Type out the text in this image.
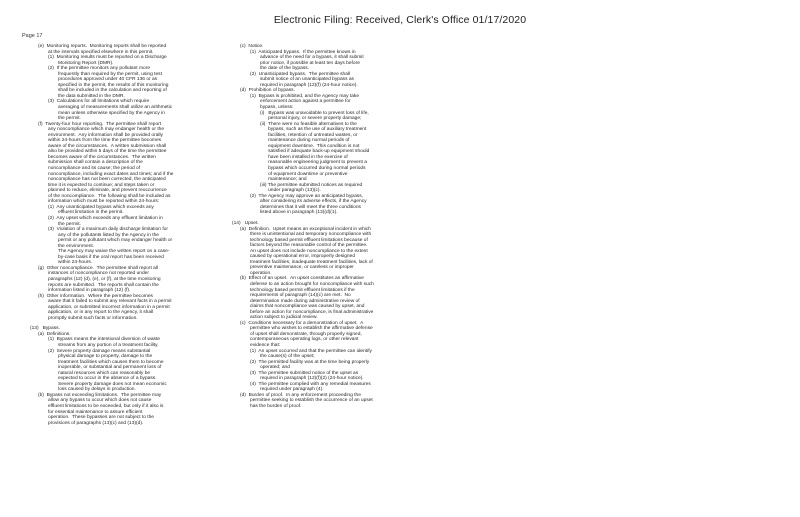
Electronic Filing: Received, Clerk's Office 01/17/2020
Page 17
(e)  Monitoring reports.  Monitoring reports shall be reported
at the intervals specified elsewhere in this permit.
(1)  Monitoring results must be reported on a Discharge
Monitoring Report (DMR).
(2)  If the permittee monitors any pollutant more
frequently than required by the permit, using test
procedures approved under 40 CFR 136 or as
specified in the permit, the results of this monitoring
shall be included in the calculation and reporting of
the data submitted in the DMR.
(3)  Calculations for all limitations which require
averaging of measurements shall utilize an arithmetic
mean unless otherwise specified by the Agency in
the permit.
(f)  Twenty-four hour reporting.  The permittee shall report
any noncompliance which may endanger health or the
environment.  Any information shall be provided orally
within 24-hours from the time the permittee becomes
aware of the circumstances.  A written submission shall
also be provided within 5 days of the time the permittee
becomes aware of the circumstances.  The written
submission shall contain a description of the
noncompliance and its cause; the period of
noncompliance, including exact dates and times; and if the
noncompliance has not been corrected, the anticipated
time it is expected to continue; and steps taken or
planned to reduce, eliminate, and prevent reoccurrence
of the noncompliance.  The following shall be included as
information which must be reported within 24-hours:
(1)  Any unanticipated bypass which exceeds any
effluent limitation in the permit.
(2)  Any upset which exceeds any effluent limitation in
the permit.
(3)  Violation of a maximum daily discharge limitation for
any of the pollutants listed by the Agency in the
permit or any pollutant which may endanger health or
the environment.
The Agency may waive the written report on a case-
by-case basis if the oral report has been received
within 24-hours.
(g)  Other noncompliance.  The permittee shall report all
instances of noncompliance not reported under
paragraphs (12) (d), (e), or (f), at the time monitoring
reports are submitted.  The reports shall contain the
information listed in paragraph (12) (f).
(h)  Other information.  Where the permittee becomes
aware that it failed to submit any relevant facts in a permit
application, or submitted incorrect information in a permit
application, or in any report to the Agency, it shall
promptly submit such facts or information.
(13)   Bypass.
(a)  Definitions.
(1)  Bypass means the intentional diversion of waste
streams from any portion of a treatment facility.
(2)  Severe property damage means substantial
physical damage to property, damage to the
treatment facilities which causes them to become
inoperable, or substantial and permanent loss of
natural resources which can reasonably be
expected to occur in the absence of a bypass.
Severe property damage does not mean economic
loss caused by delays in production.
(b)  Bypass not exceeding limitations.  The permittee may
allow any bypass to occur which does not cause
effluent limitations to be exceeded, but only if it also is
for essential maintenance to assure efficient
operation.  These bypasses are not subject to the
provisions of paragraphs (13)(c) and (13)(d).
(c)  Notice.
(1)  Anticipated bypass.  If the permittee knows in
advance of the need for a bypass, it shall submit
prior notice, if possible at least ten days before
the date of the bypass.
(2)  Unanticipated bypass.  The permittee shall
submit notice of an unanticipated bypass as
required in paragraph (12)(f) (24-hour notice).
(d)  Prohibition of bypass.
(1)  Bypass is prohibited, and the Agency may take
enforcement action against a permittee for
bypass, unless:
(i)   Bypass was unavoidable to prevent loss of life,
personal injury, or severe property damage;
(ii)  There were no feasible alternatives to the
bypass, such as the use of auxiliary treatment
facilities, retention of untreated wastes, or
maintenance during normal periods of
equipment downtime.  This condition is not
satisfied if adequate back-up equipment should
have been installed in the exercise of
reasonable engineering judgment to prevent a
bypass which occurred during normal periods
of equipment downtime or preventive
maintenance; and
(iii) The permittee submitted notices as required
under paragraph (13)(c).
(2)  The Agency may approve an anticipated bypass,
after considering its adverse effects, if the Agency
determines that it will meet the three conditions
listed above in paragraph (13)(d)(1).
(14)   Upset.
(a)  Definition.  Upset means an exceptional incident in which
there is unintentional and temporary noncompliance with
technology based permit effluent limitations because of
factors beyond the reasonable control of the permittee.
An upset does not include noncompliance to the extent
caused by operational error, improperly designed
treatment facilities, inadequate treatment facilities, lack of
preventive maintenance, or careless or improper
operation.
(b)  Effect of an upset.  An upset constitutes an affirmative
defense to an action brought for noncompliance with such
technology based permit effluent limitations if the
requirements of paragraph (14)(c) are met.  No
determination made during administrative review of
claims that noncompliance was caused by upset, and
before an action for noncompliance, is final administrative
action subject to judicial review.
(c)  Conditions necessary for a demonstration of upset.  A
permittee who wishes to establish the affirmative defense
of upset shall demonstrate, through properly signed,
contemporaneous operating logs, or other relevant
evidence that:
(1)  An upset occurred and that the permittee can identify
the cause(s) of the upset;
(2)  The permitted facility was at the time being properly
operated; and
(3)  The permittee submitted notice of the upset as
required in paragraph (12)(f)(2) (24-hour notice).
(4)  The permittee complied with any remedial measures
required under paragraph (4).
(d)  Burden of proof.  In any enforcement proceeding the
permittee seeking to establish the occurrence of an upset
has the burden of proof.
